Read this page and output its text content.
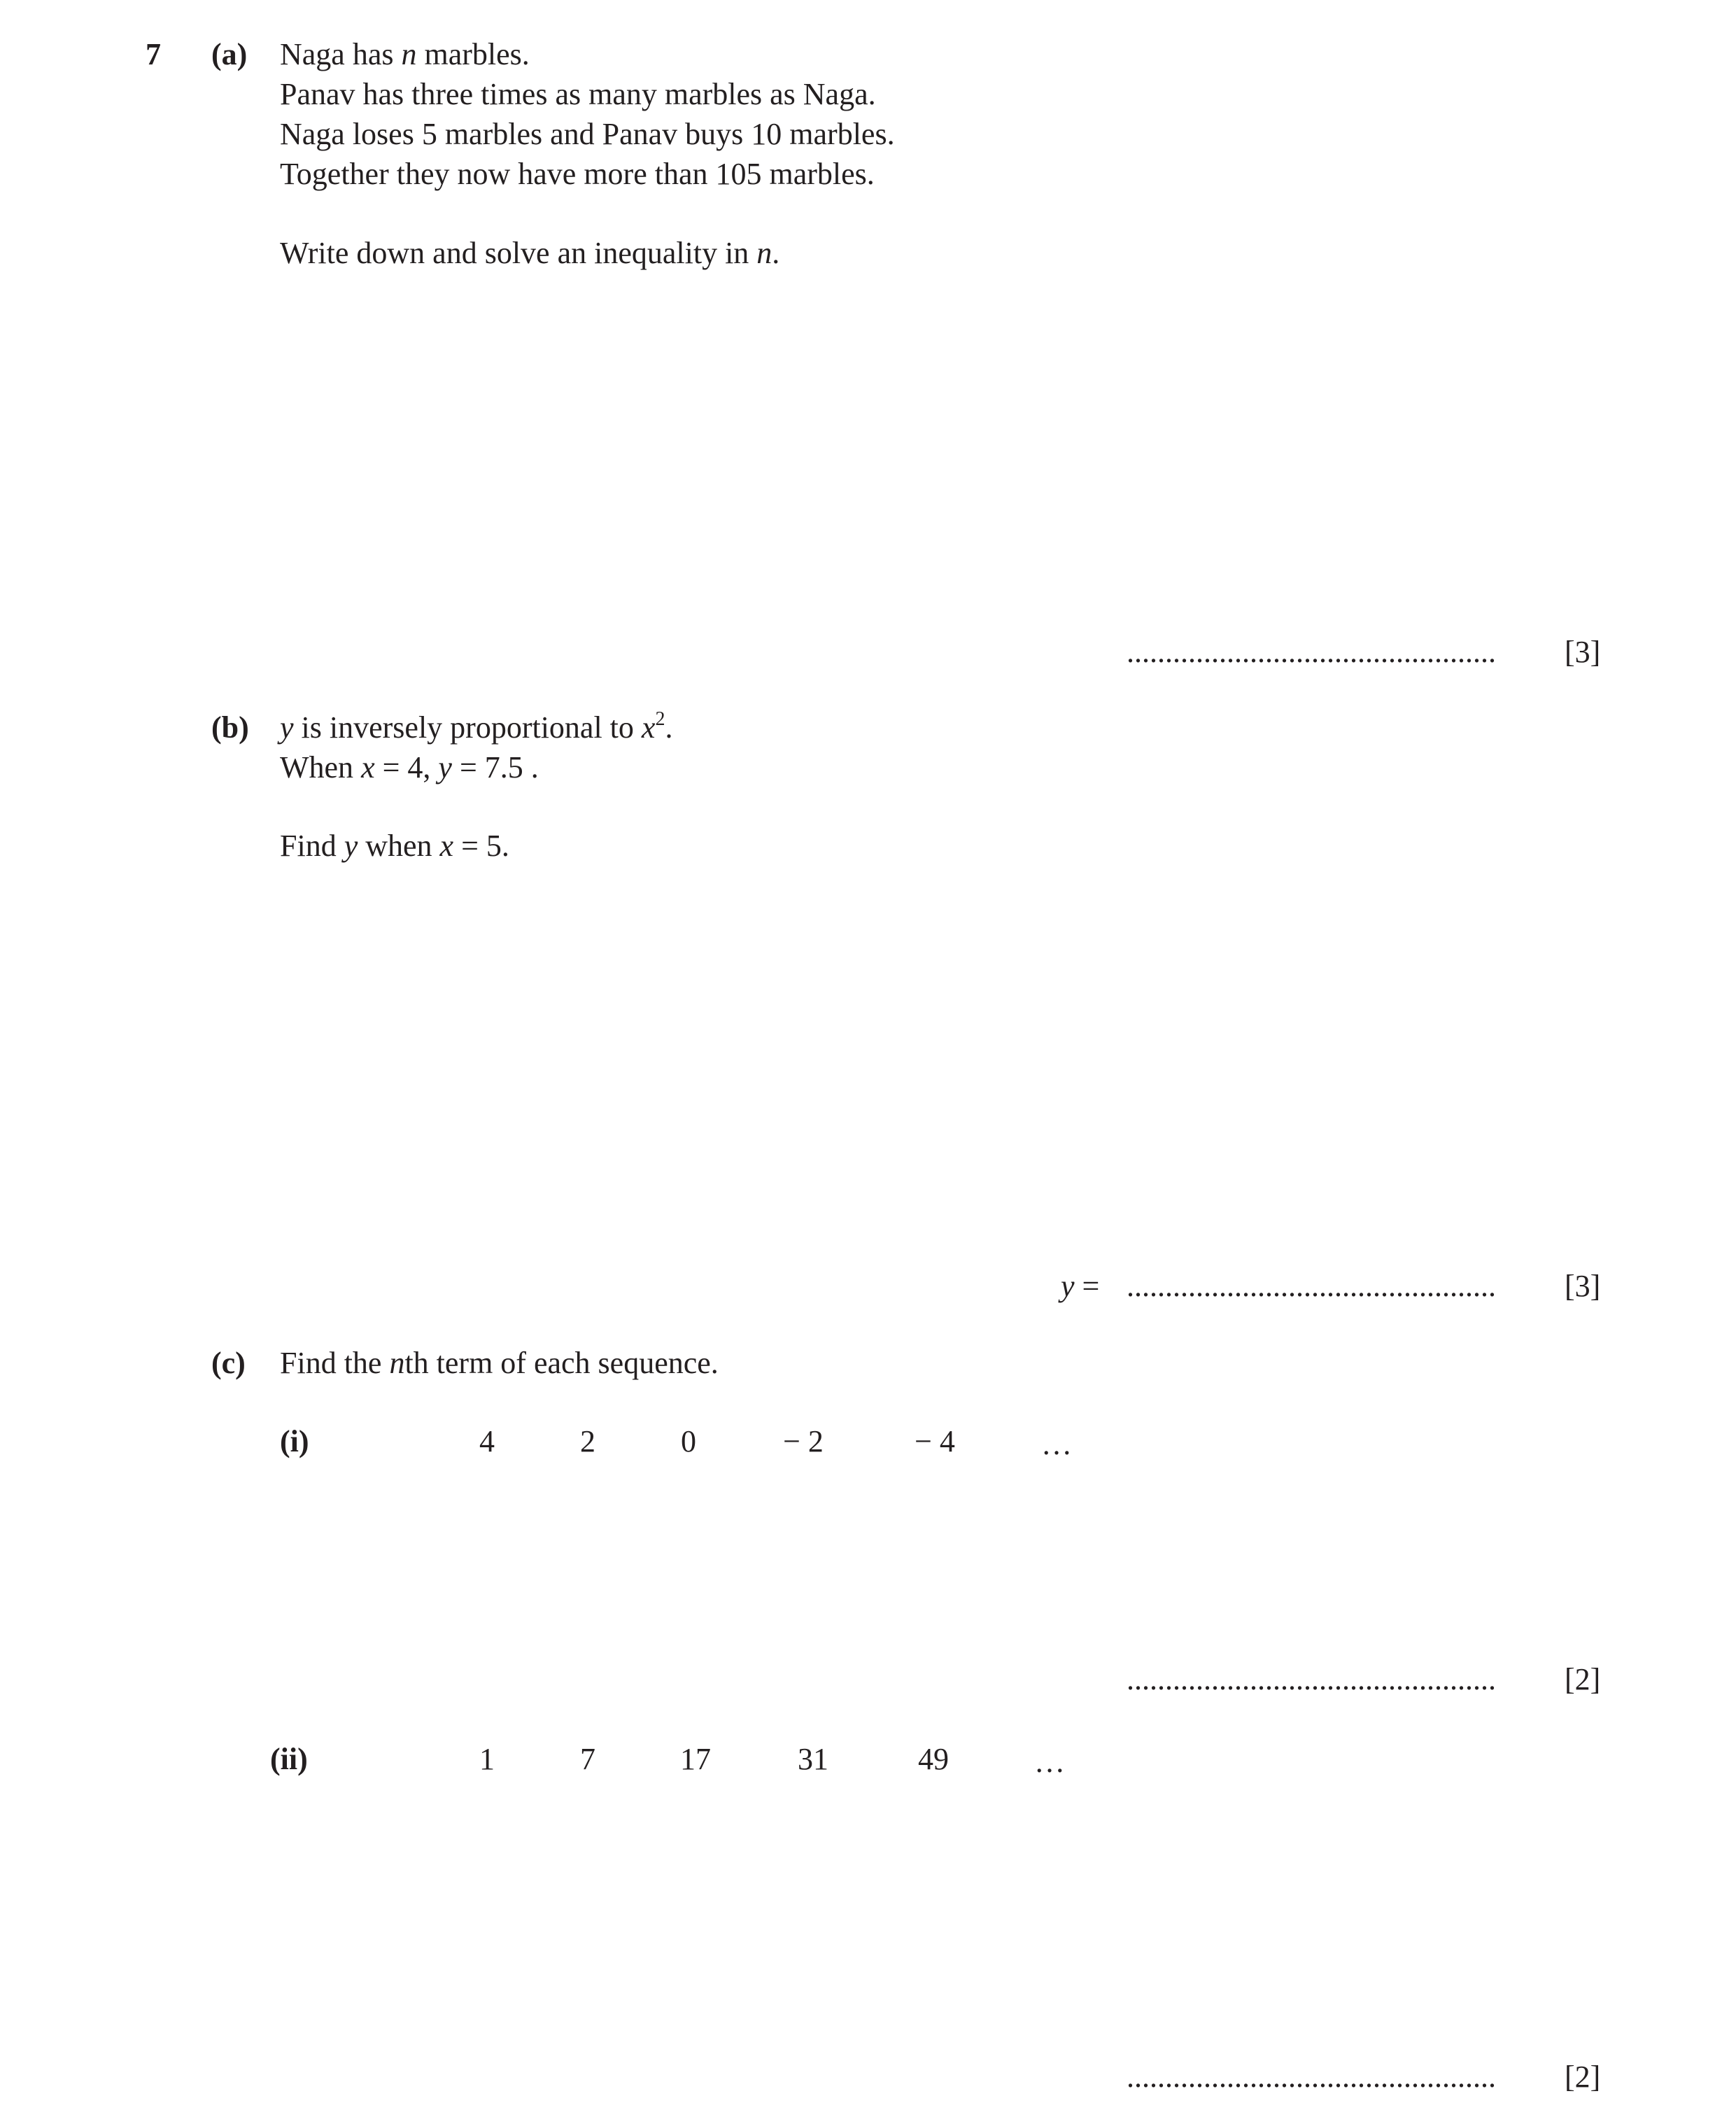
7 (a) Naga has n marbles.
Panav has three times as many marbles as Naga.
Naga loses 5 marbles and Panav buys 10 marbles.
Together they now have more than 105 marbles.
Write down and solve an inequality in n.
................................................ [3]
(b) y is inversely proportional to $x^2$.
When x = 4, y = 7.5 .
Find y when x = 5.
y = ................................................ [3]
(c) Find the nth term of each sequence.
(i)	4	2	0	− 2	− 4	…
................................................ [2]
(ii)	1	7	17	31	49	…
................................................ [2]
